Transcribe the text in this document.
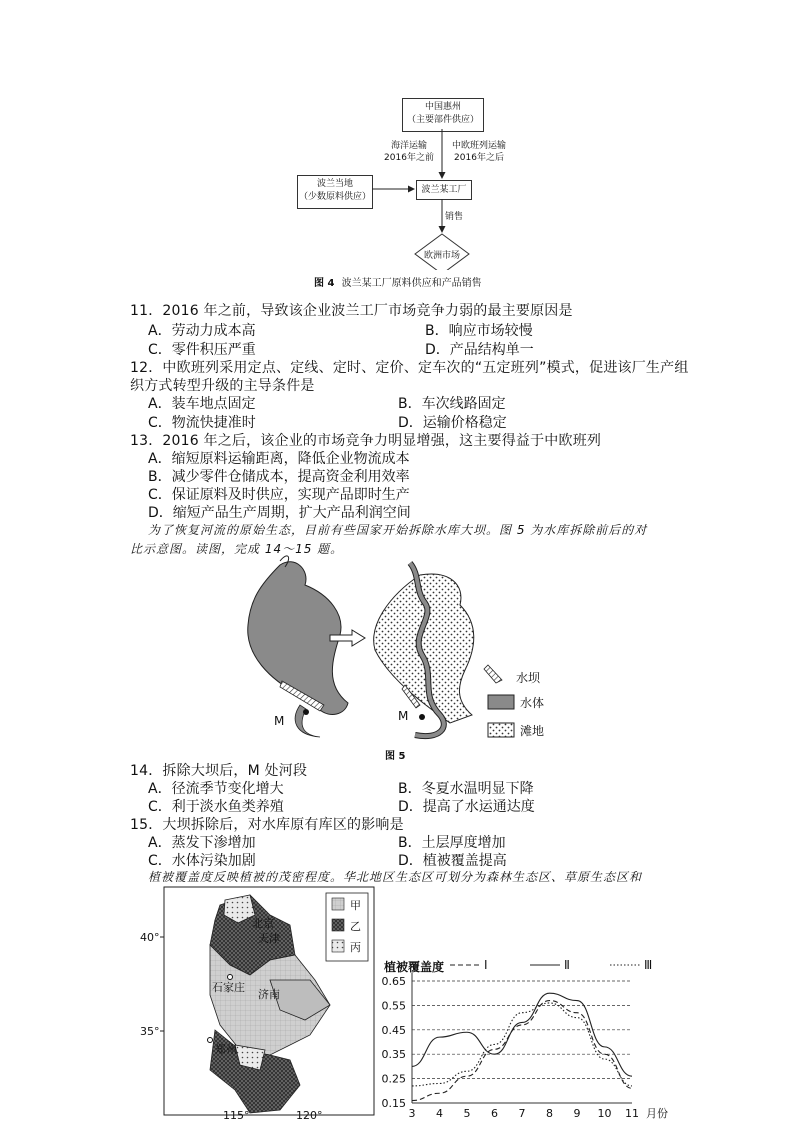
中国惠州
（主要部件供应）
海洋运输
2016年之前
中欧班列运输
2016年之后
波兰当地
（少数原料供应）
波兰某工厂
销售
欧洲市场
图 4 波兰某工厂原料供应和产品销售
11．2016 年之前，导致该企业波兰工厂市场竞争力弱的最主要原因是
A．劳动力成本高	B．响应市场较慢
C．零件积压严重	D．产品结构单一
12．中欧班列采用定点、定线、定时、定价、定车次的“五定班列”模式，促进该厂生产组
织方式转型升级的主导条件是
A．装车地点固定	B．车次线路固定
C．物流快捷准时	D．运输价格稳定
13．2016 年之后，该企业的市场竞争力明显增强，这主要得益于中欧班列
A．缩短原料运输距离，降低企业物流成本
B．减少零件仓储成本，提高资金利用效率
C．保证原料及时供应，实现产品即时生产
D．缩短产品生产周期，扩大产品利润空间
为了恢复河流的原始生态，目前有些国家开始拆除水库大坝。图 5 为水库拆除前后的对
比示意图。读图，完成 14～15 题。
M	M
水坝
水体
滩地
图 5
14．拆除大坝后，M 处河段
A．径流季节变化增大	B．冬夏水温明显下降
C．利于淡水鱼类养殖	D．提高了水运通达度
15．大坝拆除后，对水库原有库区的影响是
A．蒸发下渗增加	B．土层厚度增加
C．水体污染加剧	D．植被覆盖提高
植被覆盖度反映植被的茂密程度。华北地区生态区可划分为森林生态区、草原生态区和
40°
35°
115°	120°
北京
天津
石家庄
济南
郑州
甲
乙
丙
植被覆盖度
0.15
0.25
0.35
0.45
0.55
0.65
3 4 5 6 7 8 9 10 11
Ⅰ	Ⅱ	Ⅲ
月份
